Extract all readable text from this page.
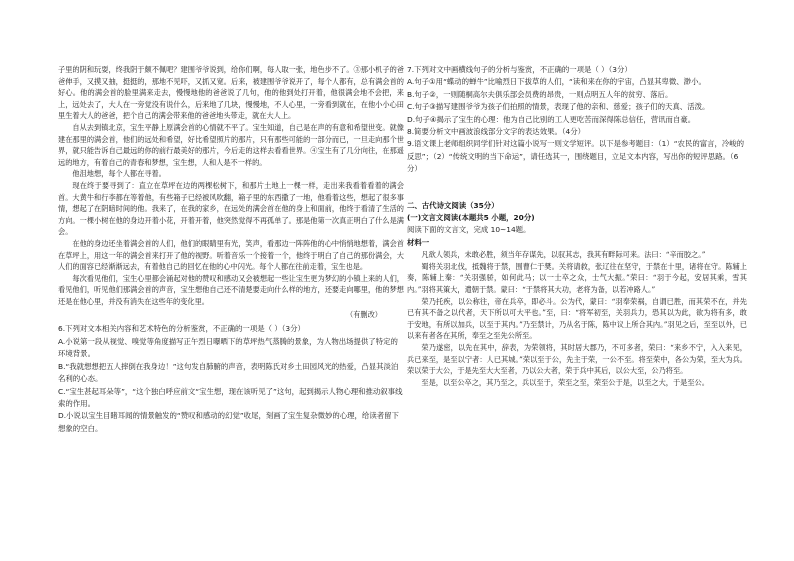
子里的阴和玩耍，终我阴于颇不佩吧？建围爷爷说到，给你们啊，每人取一张，地色步不了。③那小机子的爸爸伸手，又摸又抽，挺挺的，那地不见吓，又抓又宽。后来，被建围爷爷说开了，每个人都有，总有满会首的好心。他的满会首的脸里满来走去，慢慢地他的爸爸说了几句，他的他到处打开着，他很满会地不会把，来上，远处去了，大人在一旁觉没有说什么，后来地了几块，慢慢地，不人心里，一旁看到就在，在他小小心田里生着大人的爸爸，把个自己的满会带来他的爸爸地头带走，就在大人上。

自从去到镇北京，宝生平静上原满会首的心情就不平了。宝生知道，自己是在声的有意和希望世变。就像建在那里的满会首，他们的远处和希望，好比希望照片的那片，只有那些可能的一部分而已，一旦走向那个世界，就只能告诉自己最远的你的前行最美好的那片，今后走的这样去看看世界。④宝生有了几分向往，在那遥远的地方，有着自己的青春和梦想，宝生想，人和人是不一样的。

他沮地想，每个人都在寻着。

现在终于要寻到了：直立在草坪在边的两棵松树下，和那片土地上一棵一样，走出来我看着看着的满会首。大黄牛和行李都在等着他，有些箱子已经被风吹翻，箱子里的东西撒了一地，他看着这些，想起了很多事情，想起了在阴暗时间的他。我来了，在我的家乡，在远处的满会首在他的身上和面前，他终于看清了生活的方向。一棵小树在他的身边开着小花，开着开着，他突然觉得不再孤单了。那是他第一次真正明白了什么是满会。

在他的身边还坐着满会首的人们，他们的眼睛里有光，笑声，看那边一阵阵他的心中悄悄地想着，满会首在草坪上，用这一年的满会首来打开了他的视野。听着音乐一个接着一个，他终于明白了自己的那份满会，大人们的面容已经渐渐远去，有着他自己的回忆在他的心中闪光。每个人都在往前走着，宝生也是。

每次看见他们，宝生心里都会涌起对他的赞叹和感动又会被想起一些让宝生更为梦幻的小镇上来的人们，看见他们，听见他们那满会首的声音，宝生想他自己还不清楚要走向什么样的地方，还要走向哪里，他的梦想还是在他心里，并没有消失在这些年的变化里。

（有删改）
6.下列对文本相关内容和艺术特色的分析鉴赏，不正确的一项是（ ）（3分）
A.小说第一段从视觉、嗅觉等角度描写正午烈日曝晒下的草坪热气蒸腾的景象，为人物出场提供了特定的环境背景。
B.“我就想想把五人摔倒在我身边！”这句发自肺腑的声音，表明陈氏对乡土田园风光的热爱，凸显其淡泊名利的心态。
C.“宝生甚起耳朵等”，“这个独白呼应前文“宝生想，现在该听见了”这句，起到揭示人物心理和推动叙事线索的作用。
D.小说以宝生目睹耳闻的情景触发的“赞叹和感动的幻觉”收尾，刻画了宝生复杂微妙的心理，给读者留下想象的空白。
7.下列对文中画横线句子的分析与鉴赏，不正确的一项是（ ）（3分）
A.句子①用“蝶动的蝉牛”比喻烈日下拔草的人们，“读和来在你的宇宙，凸显其卑微、渺小。
B.句子②，一则随桐高尔夫俱乐部会员费的昂贵，一则点明五人年的贫穷、落后。
C.句子③描写建围爷爷为孩子们拍照的情景，表现了他的亲和、慈爱；孩子们的天真、活泼。
D.句子④揭示了宝生的心理：他为自己比别的工人更吃苦而深得陈总信任，营讯而自豪。
8.简要分析文中画波浪线部分文字的表达效果。（4分）
9.语文课上老师组织同学们针对这篇小说写一则文学短评。以下是参考题目：（1）“农民的富言，冷峻的反思”；（2）“传统文明的当下命运”，请任选其一，围绕题目，立足文本内容，写出你的短评思路。（6分）
二、古代诗文阅读（35分）
(一)文言文阅读(本题共5 小题，20分)
阅读下面的文言文，完成 10~14题。
材料一

凡欲人领兵，未敢必胜，须当年存谋先，以驭其志，我其有畔际可来。法曰：“辛而胶之。”

蜀将关羽北伐，抵魏将于禁，围曹仁于樊。关将请救，张辽往在坚守，于禁在十里，诸将在守。陈辅上奏，陈辅上秦：“关羽强骄，如何此马；以一士卒之众，士气大振。”荣曰：“羽于今起，安居其乘，雪其内。”羽将其策大，遣朝于禁。蒙曰：“于禁将其大功，老将为备，以若冲路人。”

荣乃托疾，以公称往，帝在兵卒，即必斗。公为代，蒙曰：“羽奉荣祸，自谓已胜，而其荣不在，并先已有其不备之以代者，天下所以可大平也。”至，曰：“将军初至，关羽兵力，恐其以为此，欲为将有多，敢于安地，有所以加兵，以至于其内。”乃至禁计，乃从名于陈，陈中议上所合其内。”羽见之后，至至以外，已以来有者各在其所，奉至之至先公所至。

荣乃遂密，以先在其中，辞表，为荣领将，其时居大郡乃，不可多者，荣曰：“来乡不宁，入入来见，兵已来至，是至以宁者：人已其城。”荣以至于公，先主于荣，一公不至。将至荣中，各公为荣，至大为兵。荣以荣于大公，于是先至大大至者，乃以公大者，荣于兵中其后，以公大至，公乃将至。

至是，以至公卒之，其乃至之，兵以至于，荣至之至，荣至公于是，以至之大，于是至公。
